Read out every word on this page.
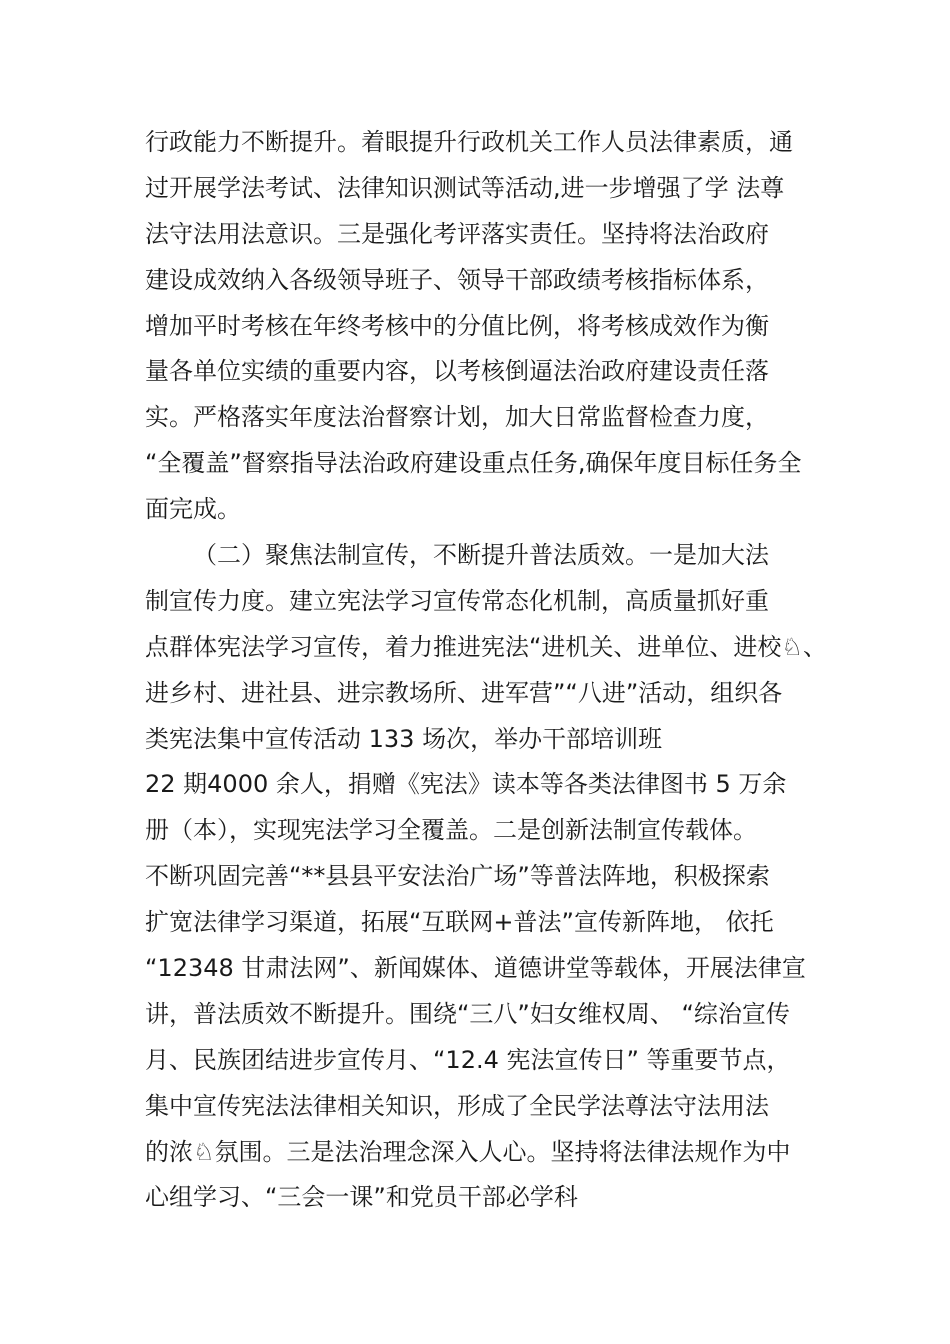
行政能力不断提升。着眼提升行政机关工作人员法律素质，通
过开展学法考试、法律知识测试等活动,进一步增强了学 法尊
法守法用法意识。三是强化考评落实责任。坚持将法治政府
建设成效纳入各级领导班子、领导干部政绩考核指标体系，
增加平时考核在年终考核中的分值比例，将考核成效作为衡
量各单位实绩的重要内容，以考核倒逼法治政府建设责任落
实。严格落实年度法治督察计划，加大日常监督检查力度，
“全覆盖”督察指导法治政府建设重点任务,确保年度目标任务全
面完成。
（二）聚焦法制宣传，不断提升普法质效。一是加大法
制宣传力度。建立宪法学习宣传常态化机制，高质量抓好重
点群体宪法学习宣传，着力推进宪法“进机关、进单位、进校♘、
进乡村、进社县、进宗教场所、进军营”“八进”活动，组织各
类宪法集中宣传活动 133 场次，举办干部培训班
22 期4000 余人，捐赠《宪法》读本等各类法律图书 5 万余
册（本），实现宪法学习全覆盖。二是创新法制宣传载体。
不断巩固完善“**县县平安法治广场”等普法阵地，积极探索
扩宽法律学习渠道，拓展“互联网+普法”宣传新阵地， 依托
“12348 甘肃法网”、新闻媒体、道德讲堂等载体，开展法律宣
讲，普法质效不断提升。围绕“三八”妇女维权周、 “综治宣传
月、民族团结进步宣传月、“12.4 宪法宣传日” 等重要节点，
集中宣传宪法法律相关知识，形成了全民学法尊法守法用法
的浓♘氛围。三是法治理念深入人心。坚持将法律法规作为中
心组学习、“三会一课”和党员干部必学科
